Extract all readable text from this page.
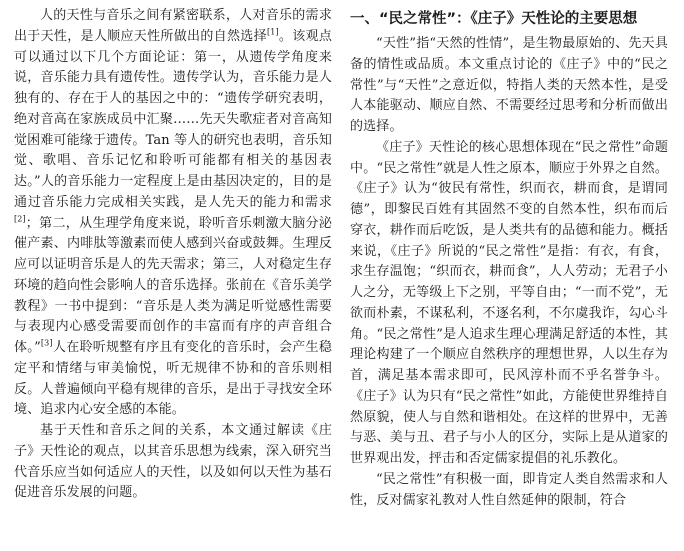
人的天性与音乐之间有紧密联系，人对音乐的需求出于天性，是人顺应天性所做出的自然选择[1]。该观点可以通过以下几个方面论证：第一，从遗传学角度来说，音乐能力具有遗传性。遗传学认为，音乐能力是人独有的、存在于人的基因之中的：“遗传学研究表明，绝对音高在家族成员中汇聚……先天失歌症者对音高知觉困难可能缘于遗传。Tan 等人的研究也表明，音乐知觉、歌唱、音乐记忆和聆听可能都有相关的基因表达。”人的音乐能力一定程度上是由基因决定的，目的是通过音乐能力完成相关实践，是人先天的能力和需求[2]；第二，从生理学角度来说，聆听音乐刺激大脑分泌催产素、内啡肽等激素而使人感到兴奋或鼓舞。生理反应可以证明音乐是人的先天需求；第三，人对稳定生存环境的趋向性会影响人的音乐选择。张前在《音乐美学教程》一书中提到：“音乐是人类为满足听觉感性需要与表现内心感受需要而创作的丰富而有序的声音组合体。”[3]人在聆听规整有序且有变化的音乐时，会产生稳定平和情绪与审美愉悦，听无规律不协和的音乐则相反。人普遍倾向平稳有规律的音乐，是出于寻找安全环境、追求内心安全感的本能。

基于天性和音乐之间的关系，本文通过解读《庄子》天性论的观点，以其音乐思想为线索，深入研究当代音乐应当如何适应人的天性，以及如何以天性为基石促进音乐发展的问题。

一、“民之常性”：《庄子》天性论的主要思想

“天性”指“天然的性情”，是生物最原始的、先天具备的情性或品质。本文重点讨论的《庄子》中的“民之常性”与“天性”之意近似，特指人类的天然本性，是受人本能驱动、顺应自然、不需要经过思考和分析而做出的选择。

《庄子》天性论的核心思想体现在“民之常性”命题中。“民之常性”就是人性之原本，顺应于外界之自然。《庄子》认为“彼民有常性，织而衣，耕而食，是谓同德”，即黎民百姓有其固然不变的自然本性，织布而后穿衣，耕作而后吃饭，是人类共有的品德和能力。概括来说，《庄子》所说的“民之常性”是指：有衣，有食，求生存温饱；“织而衣，耕而食”，人人劳动；无君子小人之分，无等级上下之别，平等自由；“一而不党”，无欲而朴素，不谋私利，不逐名利，不尔虞我诈，勾心斗角。“民之常性”是人追求生理心理满足舒适的本性，其理论构建了一个顺应自然秩序的理想世界，人以生存为首，满足基本需求即可，民风淳朴而不乎名誉争斗。《庄子》认为只有“民之常性”如此，方能使世界维持自然原貌，使人与自然和谐相处。在这样的世界中，无善与恶、美与丑、君子与小人的区分，实际上是从道家的世界观出发，抨击和否定儒家提倡的礼乐教化。

“民之常性”有积极一面，即肯定人类自然需求和人性，反对儒家礼教对人性自然延伸的限制，符合
